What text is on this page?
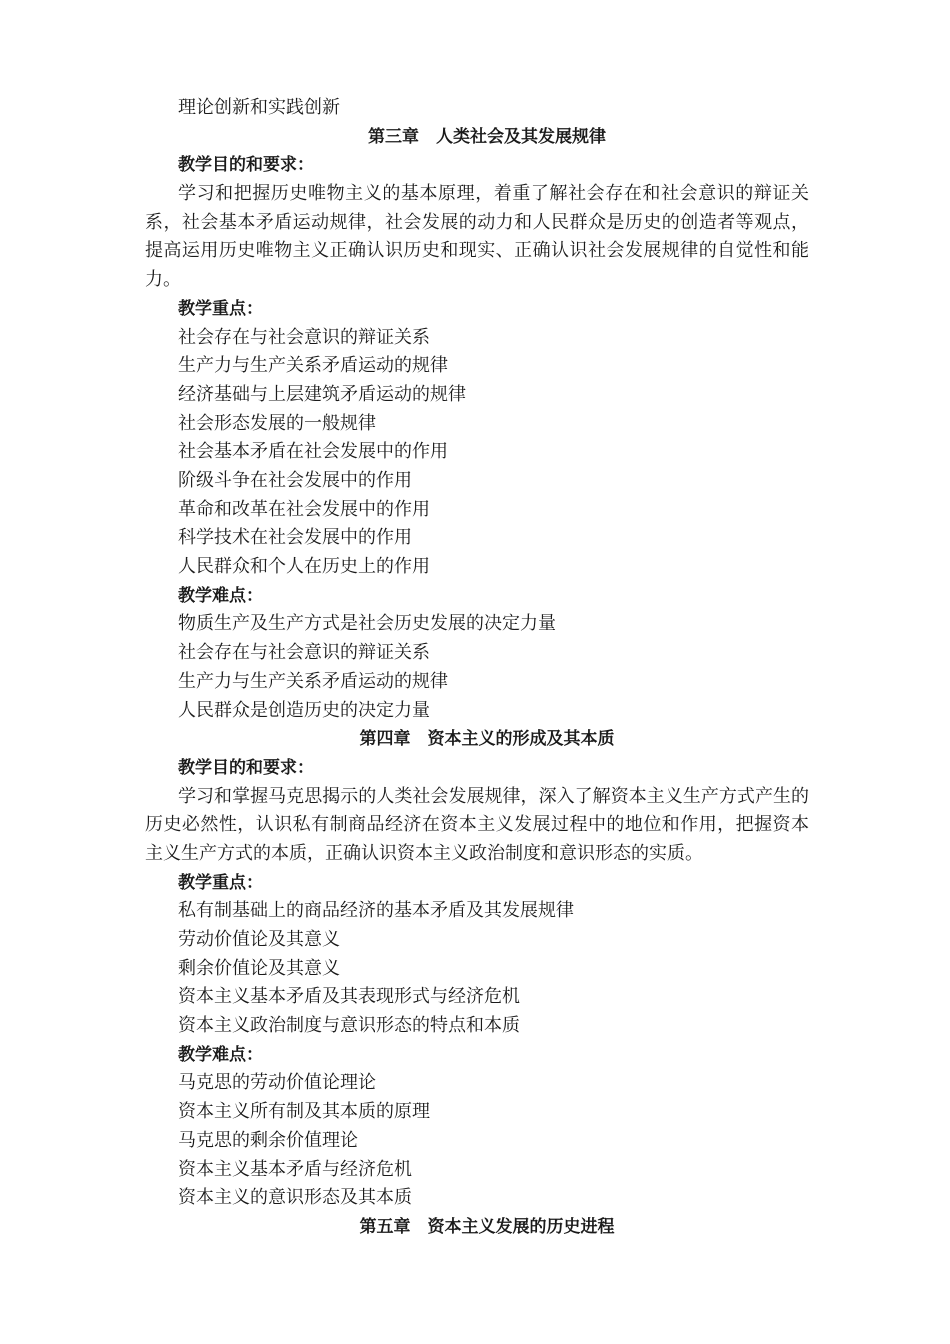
理论创新和实践创新
第三章　人类社会及其发展规律
教学目的和要求：

学习和把握历史唯物主义的基本原理，着重了解社会存在和社会意识的辩证关系，社会基本矛盾运动规律，社会发展的动力和人民群众是历史的创造者等观点，提高运用历史唯物主义正确认识历史和现实、正确认识社会发展规律的自觉性和能力。

教学重点：
社会存在与社会意识的辩证关系
生产力与生产关系矛盾运动的规律
经济基础与上层建筑矛盾运动的规律
社会形态发展的一般规律
社会基本矛盾在社会发展中的作用
阶级斗争在社会发展中的作用
革命和改革在社会发展中的作用
科学技术在社会发展中的作用
人民群众和个人在历史上的作用
教学难点：
物质生产及生产方式是社会历史发展的决定力量
社会存在与社会意识的辩证关系
生产力与生产关系矛盾运动的规律
人民群众是创造历史的决定力量
第四章　资本主义的形成及其本质
教学目的和要求：

学习和掌握马克思揭示的人类社会发展规律，深入了解资本主义生产方式产生的历史必然性，认识私有制商品经济在资本主义发展过程中的地位和作用，把握资本主义生产方式的本质，正确认识资本主义政治制度和意识形态的实质。

教学重点：
私有制基础上的商品经济的基本矛盾及其发展规律
劳动价值论及其意义
剩余价值论及其意义
资本主义基本矛盾及其表现形式与经济危机
资本主义政治制度与意识形态的特点和本质
教学难点：
马克思的劳动价值论理论
资本主义所有制及其本质的原理
马克思的剩余价值理论
资本主义基本矛盾与经济危机
资本主义的意识形态及其本质
第五章　资本主义发展的历史进程
